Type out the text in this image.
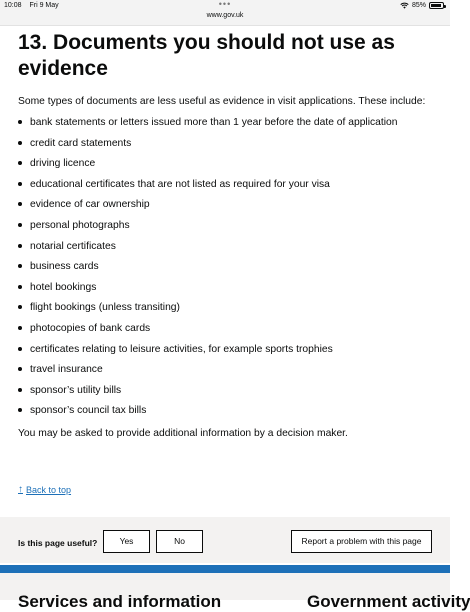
10:08 Fri 9 May	•••
www.gov.uk
85%
13. Documents you should not use as evidence

Some types of documents are less useful as evidence in visit applications. These include:

bank statements or letters issued more than 1 year before the date of application
credit card statements
driving licence
educational certificates that are not listed as required for your visa
evidence of car ownership
personal photographs
notarial certificates
business cards
hotel bookings
flight bookings (unless transiting)
photocopies of bank cards
certificates relating to leisure activities, for example sports trophies
travel insurance
sponsor’s utility bills
sponsor’s council tax bills

You may be asked to provide additional information by a decision maker.

↑ Back to top
Is this page useful?	Yes	No	Report a problem with this page
Services and information	Government activity
